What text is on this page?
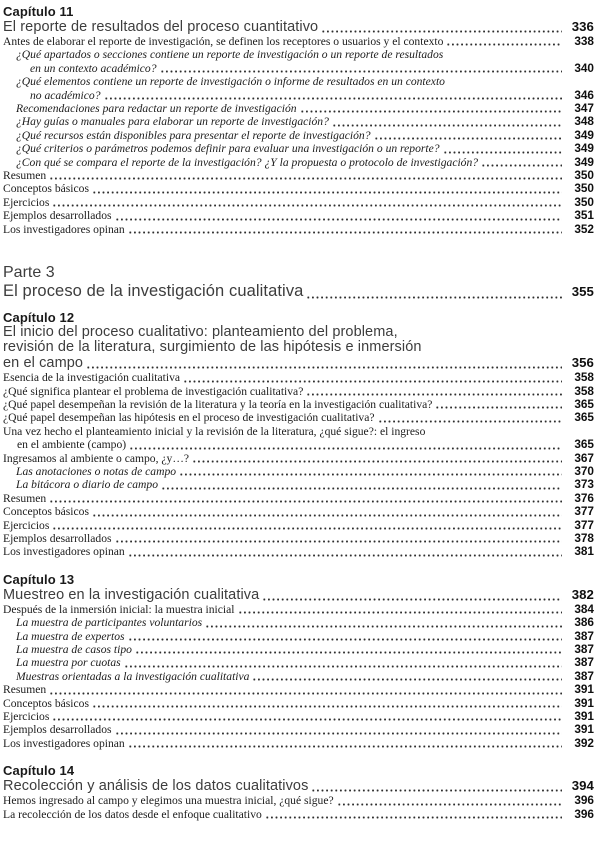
Capítulo 11
El reporte de resultados del proceso cuantitativo	336
Antes de elaborar el reporte de investigación, se definen los receptores o usuarios y el contexto	338
¿Qué apartados o secciones contiene un reporte de investigación o un reporte de resultados
en un contexto académico?	340
¿Qué elementos contiene un reporte de investigación o informe de resultados en un contexto
no académico?	346
Recomendaciones para redactar un reporte de investigación	347
¿Hay guías o manuales para elaborar un reporte de investigación?	348
¿Qué recursos están disponibles para presentar el reporte de investigación?	349
¿Qué criterios o parámetros podemos definir para evaluar una investigación o un reporte?	349
¿Con qué se compara el reporte de la investigación? ¿Y la propuesta o protocolo de investigación?	349
Resumen	350
Conceptos básicos	350
Ejercicios	350
Ejemplos desarrollados	351
Los investigadores opinan	352
Parte 3
El proceso de la investigación cualitativa	355
Capítulo 12
El inicio del proceso cualitativo: planteamiento del problema,
revisión de la literatura, surgimiento de las hipótesis e inmersión
en el campo	356
Esencia de la investigación cualitativa	358
¿Qué significa plantear el problema de investigación cualitativa?	358
¿Qué papel desempeñan la revisión de la literatura y la teoría en la investigación cualitativa?	365
¿Qué papel desempeñan las hipótesis en el proceso de investigación cualitativa?	365
Una vez hecho el planteamiento inicial y la revisión de la literatura, ¿qué sigue?: el ingreso
en el ambiente (campo)	365
Ingresamos al ambiente o campo, ¿y…?	367
Las anotaciones o notas de campo	370
La bitácora o diario de campo	373
Resumen	376
Conceptos básicos	377
Ejercicios	377
Ejemplos desarrollados	378
Los investigadores opinan	381
Capítulo 13
Muestreo en la investigación cualitativa	382
Después de la inmersión inicial: la muestra inicial	384
La muestra de participantes voluntarios	386
La muestra de expertos	387
La muestra de casos tipo	387
La muestra por cuotas	387
Muestras orientadas a la investigación cualitativa	387
Resumen	391
Conceptos básicos	391
Ejercicios	391
Ejemplos desarrollados	391
Los investigadores opinan	392
Capítulo 14
Recolección y análisis de los datos cualitativos	394
Hemos ingresado al campo y elegimos una muestra inicial, ¿qué sigue?	396
La recolección de los datos desde el enfoque cualitativo	396
